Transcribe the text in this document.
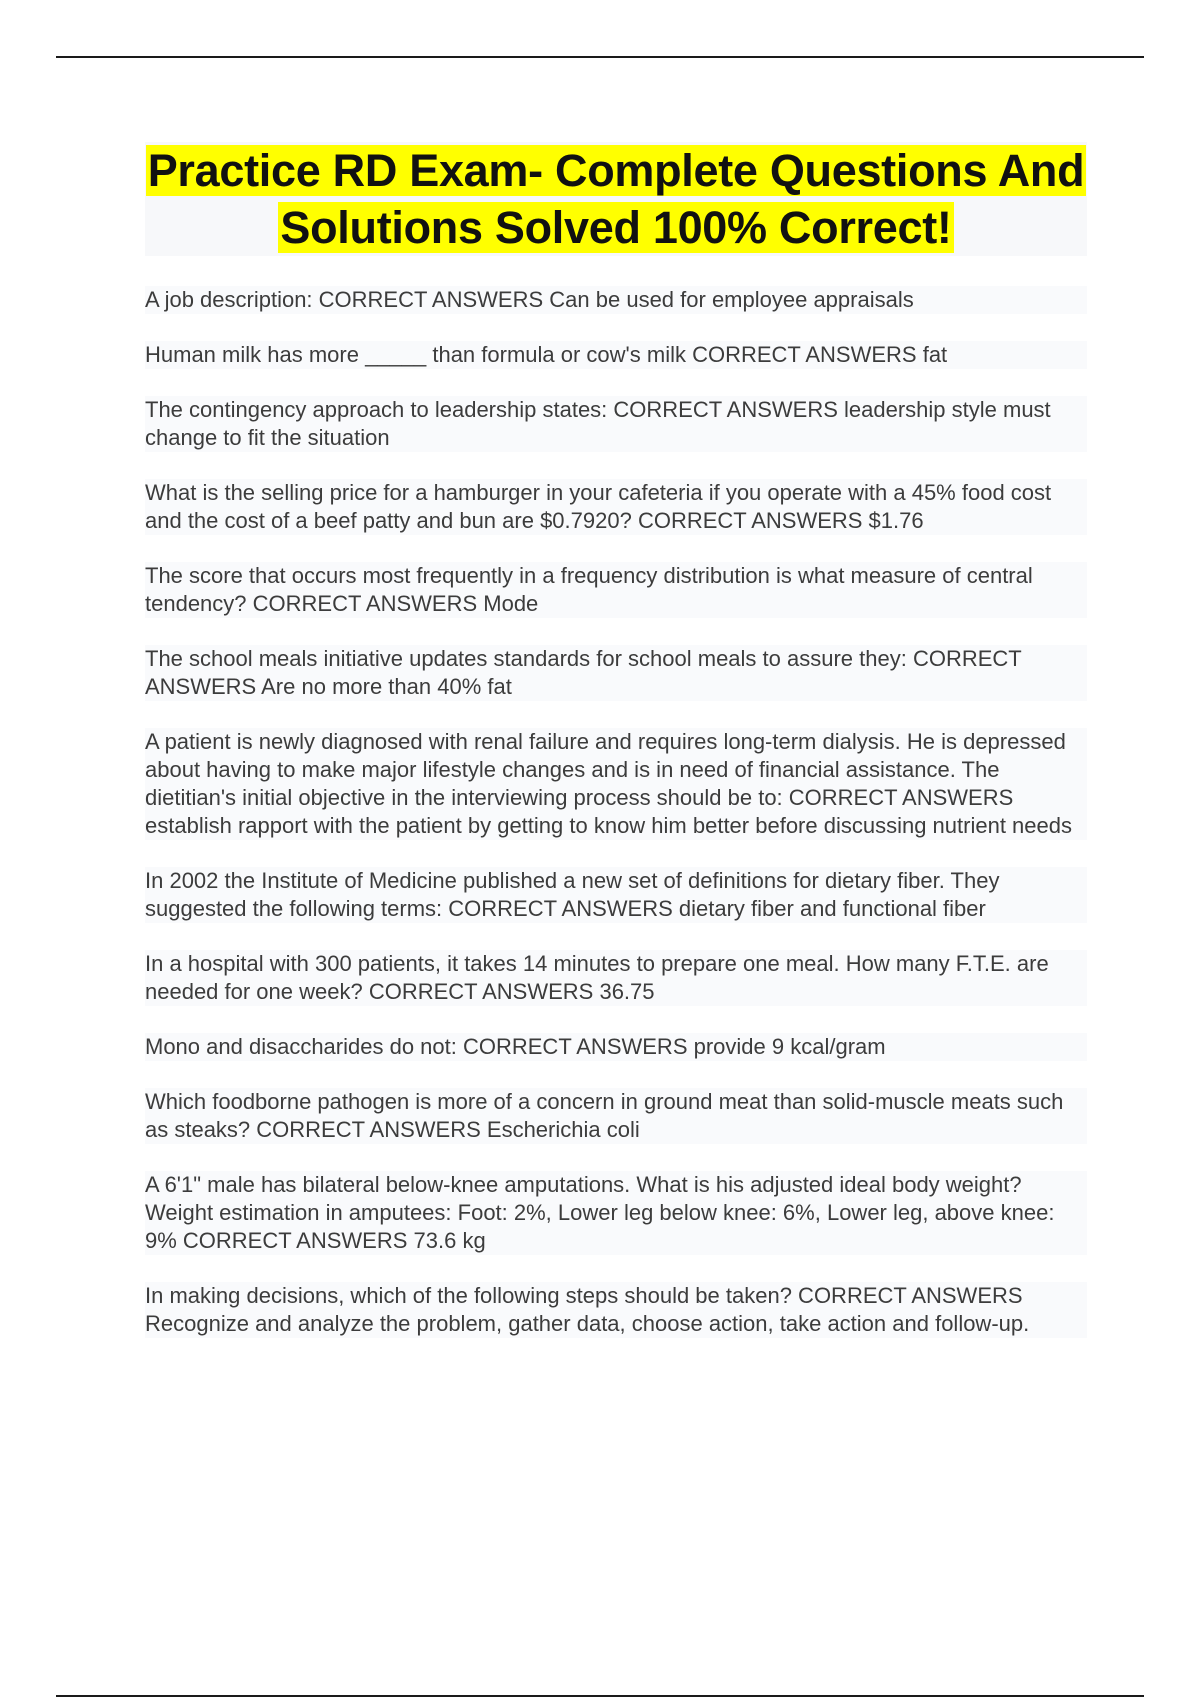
Practice RD Exam- Complete Questions And Solutions Solved 100% Correct!
A job description: CORRECT ANSWERS Can be used for employee appraisals
Human milk has more _____ than formula or cow's milk CORRECT ANSWERS fat
The contingency approach to leadership states: CORRECT ANSWERS leadership style must change to fit the situation
What is the selling price for a hamburger in your cafeteria if you operate with a 45% food cost and the cost of a beef patty and bun are $0.7920? CORRECT ANSWERS $1.76
The score that occurs most frequently in a frequency distribution is what measure of central tendency? CORRECT ANSWERS Mode
The school meals initiative updates standards for school meals to assure they: CORRECT ANSWERS Are no more than 40% fat
A patient is newly diagnosed with renal failure and requires long-term dialysis. He is depressed about having to make major lifestyle changes and is in need of financial assistance. The dietitian's initial objective in the interviewing process should be to: CORRECT ANSWERS establish rapport with the patient by getting to know him better before discussing nutrient needs
In 2002 the Institute of Medicine published a new set of definitions for dietary fiber. They suggested the following terms: CORRECT ANSWERS dietary fiber and functional fiber
In a hospital with 300 patients, it takes 14 minutes to prepare one meal. How many F.T.E. are needed for one week? CORRECT ANSWERS 36.75
Mono and disaccharides do not: CORRECT ANSWERS provide 9 kcal/gram
Which foodborne pathogen is more of a concern in ground meat than solid-muscle meats such as steaks? CORRECT ANSWERS Escherichia coli
A 6'1" male has bilateral below-knee amputations. What is his adjusted ideal body weight? Weight estimation in amputees: Foot: 2%, Lower leg below knee: 6%, Lower leg, above knee: 9% CORRECT ANSWERS 73.6 kg
In making decisions, which of the following steps should be taken? CORRECT ANSWERS Recognize and analyze the problem, gather data, choose action, take action and follow-up.
